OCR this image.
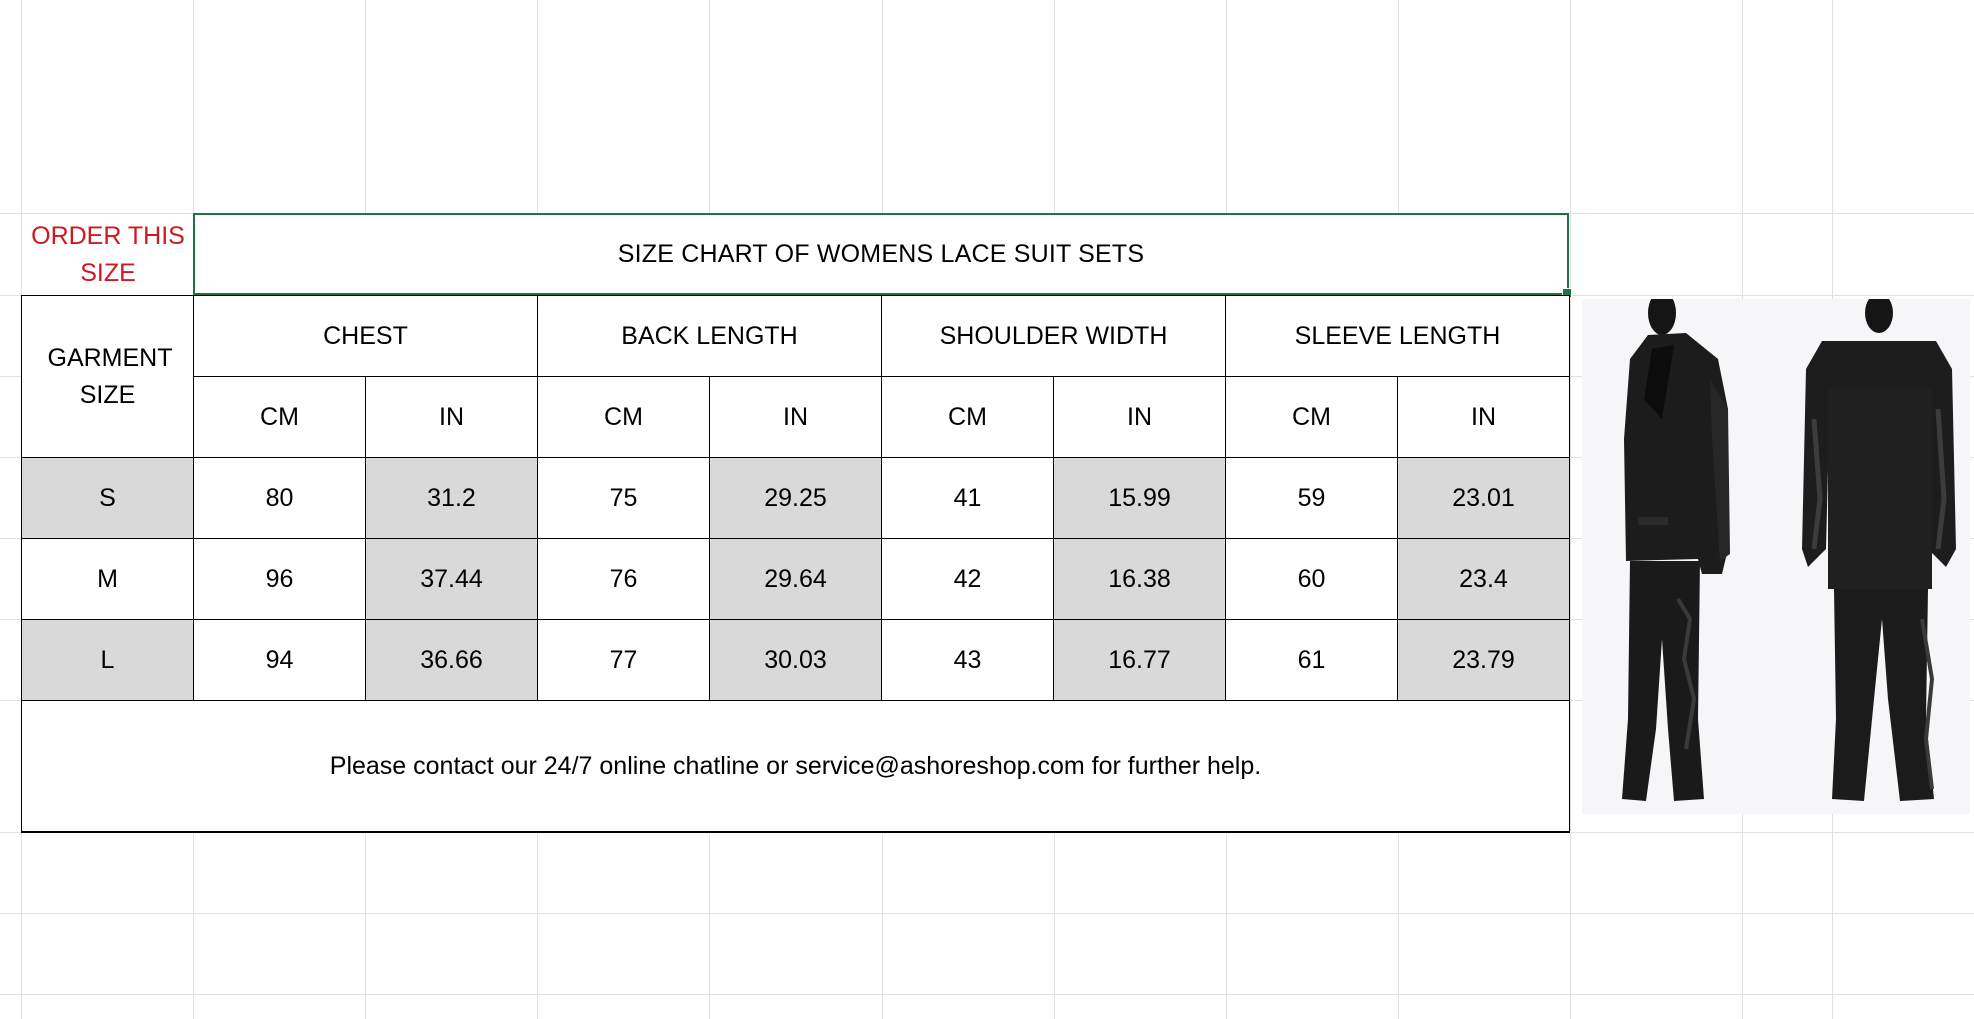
ORDER THIS SIZE
SIZE CHART OF WOMENS LACE SUIT SETS
GARMENT SIZE
CHEST	BACK LENGTH	SHOULDER WIDTH	SLEEVE LENGTH
CM	IN	CM	IN	CM	IN	CM	IN
S	80	31.2	75	29.25	41	15.99	59	23.01
M	96	37.44	76	29.64	42	16.38	60	23.4
L	94	36.66	77	30.03	43	16.77	61	23.79
Please contact our 24/7 online chatline or service@ashoreshop.com for further help.
